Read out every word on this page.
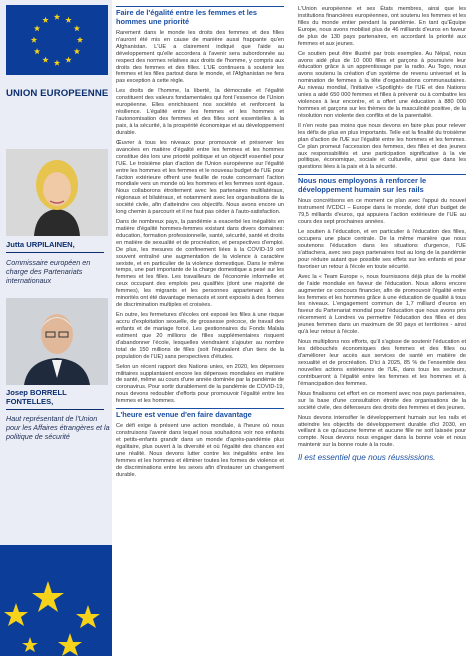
UNION EUROPEENNE
Jutta URPILAINEN,
Commissaire européen en charge des Partenariats internationaux
Josep BORRELL FONTELLES,
Haut représentant de l'Union pour les Affaires étrangères et la politique de sécurité
Faire de l'égalité entre les femmes et les hommes une priorité

Rarement dans le monde les droits des femmes et des filles n'auront été mis en cause de manière aussi frappante qu'en Afghanistan. L'UE a clairement indiqué que l'aide au développement qu'elle accordera à l'avenir sera subordonnée au respect des normes relatives aux droits de l'homme, y compris aux droits des femmes et des filles. L'UE continuera à soutenir les femmes et les filles partout dans le monde, et l'Afghanistan ne fera pas exception à cette règle.

Les droits de l'homme, la liberté, la démocratie et l'égalité constituent des valeurs fondamentales qui font l'essence de l'Union européenne. Elles enrichissent nos sociétés et renforcent la résilience. L'égalité entre les femmes et les hommes et l'autonomisation des femmes et des filles sont essentielles à la paix, à la sécurité, à la prospérité économique et au développement durable.

Œuvrer à tous les niveaux pour promouvoir et préserver les avancées en matière d'égalité entre les femmes et les hommes constitue dès lors une priorité politique et un objectif essentiel pour l'UE. Le troisième plan d'action de l'Union européenne sur l'égalité entre les hommes et les femmes et le nouveau budget de l'UE pour l'action extérieure offrent une feuille de route concernant l'action mondiale vers un monde où les hommes et les femmes sont égaux. Nous collaborons étroitement avec les partenaires multilatéraux, régionaux et bilatéraux, et notamment avec les organisations de la société civile, afin d'atteindre ces objectifs. Nous avons encore un long chemin à parcourir et il ne faut pas céder à l'auto-satisfaction.

Dans de nombreux pays, la pandémie a exacerbé les inégalités en matière d'égalité hommes-femmes existant dans divers domaines: éducation, formation professionnelle, santé, sécurité, santé et droits en matière de sexualité et de procréation, et perspectives d'emploi. De plus, les mesures de confinement liées à la COVID-19 ont souvent entraîné une augmentation de la violence à caractère sexiste, et en particulier de la violence domestique. Dans le même temps, une part importante de la charge domestique a pesé sur les femmes et les filles. Les travailleurs de l'économie informelle et ceux occupant des emplois peu qualifiés (dont une majorité de femmes), les migrants et les personnes appartenant à des minorités ont été davantage menacés et sont exposés à des formes de discrimination multiples et croisées.

En outre, les fermetures d'écoles ont exposé les filles à une risque accru d'exploitation sexuelle, de grossesse précoce, de travail des enfants et de mariage forcé. Les gestionnaires du Fonds Malala estiment que 20 millions de filles supplémentaires risquent d'abandonner l'école, lesquelles viendraient s'ajouter au nombre total de 150 millions de filles (soit l'équivalent d'un tiers de la population de l'UE) sans perspectives d'études.

Selon un récent rapport des Nations unies, en 2020, les dépenses militaires supplantaient encore les dépenses mondiales en matière de santé, même au cours d'une année dominée par la pandémie de coronavirus. Pour sortir durablement de la pandémie de COVID-19, nous devons redoubler d'efforts pour promouvoir l'égalité entre les femmes et les hommes.

L'heure est venue d'en faire davantage

Ce défi exige à présent une action mondiale, à l'heure où nous construisons l'avenir dans lequel nous souhaitons voir nos enfants et petits-enfants grandir dans un monde d'après-pandémie plus égalitaire, plus ouvert à la diversité et où l'égalité des chances est une réalité. Nous devons lutter contre les inégalités entre les femmes et les hommes et éliminer toutes les formes de violence et de discriminations entre les sexes afin d'instaurer un changement durable.

L'Union européenne et ses États membres, ainsi que les institutions financières européennes, ont soutenu les femmes et les filles du monde entier pendant la pandémie. En tant qu'Équipe Europe, nous avons mobilisé plus de 46 milliards d'euros en faveur de plus de 130 pays partenaires, en accordant la priorité aux femmes et aux jeunes.

Ce soutien peut être illustré par trois exemples. Au Népal, nous avons aidé plus de 10 000 filles et garçons à poursuivre leur éducation grâce à un apprentissage par la radio. Au Togo, nous avons soutenu la création d'un système de revenu universel et la nomination de femmes à la tête d'organisations communautaires. Au niveau mondial, l'initiative «Spotlight» de l'UE et des Nations unies a aidé 650 000 femmes et filles à prévenir ou à combattre les violences à leur encontre, et a offert une éducation à 880 000 hommes et garçons sur les thèmes de la masculinité positive, de la résolution non violente des conflits et de la parentalité.

Il n'en reste pas moins que nous devons en faire plus pour relever les défis de plus en plus importants. Telle est la finalité du troisième plan d'action de l'UE sur l'égalité entre les hommes et les femmes. Ce plan promeut l'accession des femmes, des filles et des jeunes aux responsabilités et une participation significative à la vie politique, économique, sociale et culturelle, ainsi que dans les questions liées à la paix et à la sécurité.

Nous nous employons à renforcer le développement humain sur les rails

Nous concrétisons en ce moment ce plan avec l'appui du nouvel instrument IVCDCI – Europe dans le monde, doté d'un budget de 79,5 milliards d'euros, qui appuiera l'action extérieure de l'UE au cours des sept prochaines années.

Le soutien à l'éducation, et en particulier à l'éducation des filles, occupera une place centrale. De la même manière que nous soutenons l'éducation dans les situations d'urgence, l'UE s'attachera, avec ses pays partenaires tout au long de la pandémie pour réduire autant que possible ses effets sur les enfants et pour favoriser un retour à l'école en toute sécurité.

Avec la « Team Europe », nous fournissons déjà plus de la moitié de l'aide mondiale en faveur de l'éducation. Nous allons encore augmenter ce concours financier, afin de promouvoir l'égalité entre les femmes et les hommes grâce à une éducation de qualité à tous les niveaux. L'engagement commun de 1,7 milliard d'euros en faveur du Partenariat mondial pour l'éducation que nous avons pris récemment à Londres va permettre l'éducation des filles et des jeunes femmes dans un maximum de 90 pays et territoires - ainsi qu'à leur retour à l'école.

Nous multiplions nos efforts, qu'il s'agisse de soutenir l'éducation et les débouchés économiques des femmes et des filles ou d'améliorer leur accès aux services de santé en matière de sexualité et de procréation. D'ici à 2025, 85 % de l'ensemble des nouvelles actions extérieures de l'UE, dans tous les secteurs, contribueront à l'égalité entre les femmes et les hommes et à l'émancipation des femmes.

Nous finalisons cet effort en ce moment avec nos pays partenaires, sur la base d'une consultation étroite des organisations de la société civile, des défenseurs des droits des femmes et des jeunes.

Nous devons intensifier le développement humain sur les rails et atteindre les objectifs de développement durable d'ici 2030, en veillant à ce qu'aucune femme et aucune fille ne soit laissée pour compte. Nous devons nous engager dans la bonne voie et nous maintenir sur la bonne route à la route.

Il est essentiel que nous réussissions.
